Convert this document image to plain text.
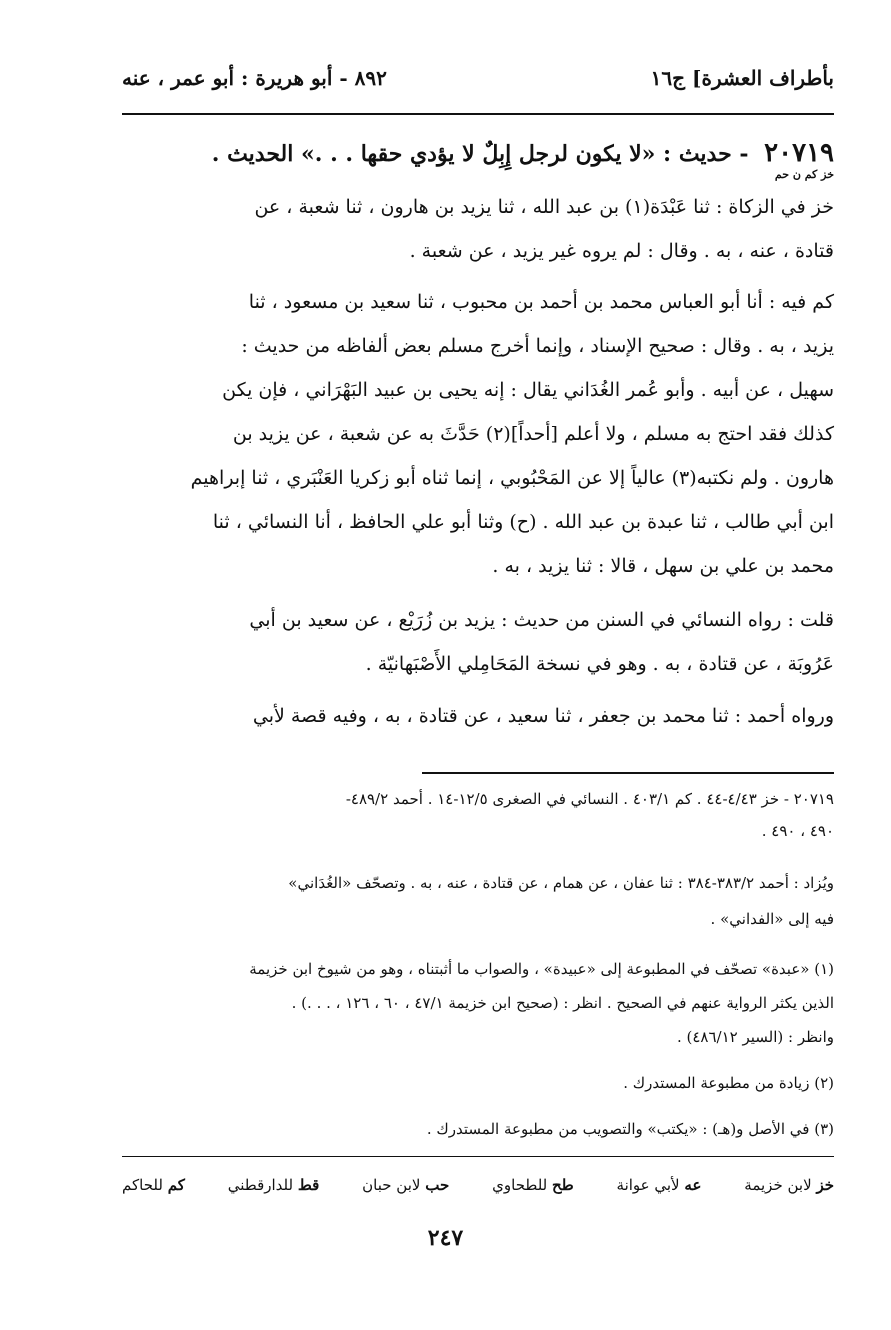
بأطراف العشرة] ج١٦
٨٩٢ - أبو هريرة : أبو عمر ، عنه
٢٠٧١٩ - حديث : «لا يكون لرجل إِبِلٌ لا يؤدي حقها . . .» الحديث .
خز كم ن حم
خز في الزكاة : ثنا عَبْدَة(١) بن عبد الله ، ثنا يزيد بن هارون ، ثنا شعبة ، عن
قتادة ، عنه ، به . وقال : لم يروه غير يزيد ، عن شعبة .
كم فيه : أنا أبو العباس محمد بن أحمد بن محبوب ، ثنا سعيد بن مسعود ، ثنا
يزيد ، به . وقال : صحيح الإسناد ، وإنما أخرج مسلم بعض ألفاظه من حديث :
سهيل ، عن أبيه . وأبو عُمر الغُدَاني يقال : إنه يحيى بن عبيد البَهْرَاني ، فإن يكن
كذلك فقد احتج به مسلم ، ولا أعلم [أحداً](٢) حَدَّثَ به عن شعبة ، عن يزيد بن
هارون . ولم نكتبه(٣) عالياً إلا عن المَحْبُوبي ، إنما ثناه أبو زكريا العَنْبَري ، ثنا إبراهيم
ابن أبي طالب ، ثنا عبدة بن عبد الله . (ح) وثنا أبو علي الحافظ ، أنا النسائي ، ثنا
محمد بن علي بن سهل ، قالا : ثنا يزيد ، به .
قلت : رواه النسائي في السنن من حديث : يزيد بن زُرَيْع ، عن سعيد بن أبي
عَرُوبَة ، عن قتادة ، به . وهو في نسخة المَحَامِلي الأَصْبَهانيّة .
ورواه أحمد : ثنا محمد بن جعفر ، ثنا سعيد ، عن قتادة ، به ، وفيه قصة لأبي
٢٠٧١٩ - خز ٤/٤٣-٤٤ . كم ٤٠٣/١ . النسائي في الصغرى ١٢/٥-١٤ . أحمد ٤٨٩/٢-
٤٩٠ ، ٤٩٠ .
ويُزاد : أحمد ٣٨٣/٢-٣٨٤ : ثنا عفان ، عن همام ، عن قتادة ، عنه ، به . وتصحّف «الغُدَاني»
فيه إلى «الفداني» .
(١) «عبدة» تصحّف في المطبوعة إلى «عبيدة» ، والصواب ما أثبتناه ، وهو من شيوخ ابن خزيمة
الذين يكثر الرواية عنهم في الصحيح . انظر : (صحيح ابن خزيمة ٤٧/١ ، ٦٠ ، ١٢٦ ، . . .) .
وانظر : (السير ٤٨٦/١٢) .
(٢) زيادة من مطبوعة المستدرك .
(٣) في الأصل و(هـ) : «يكتب» والتصويب من مطبوعة المستدرك .
خز لابن خزيمة
عه لأبي عوانة
طح للطحاوي
حب لابن حبان
قط للدارقطني
كم للحاكم
٢٤٧
